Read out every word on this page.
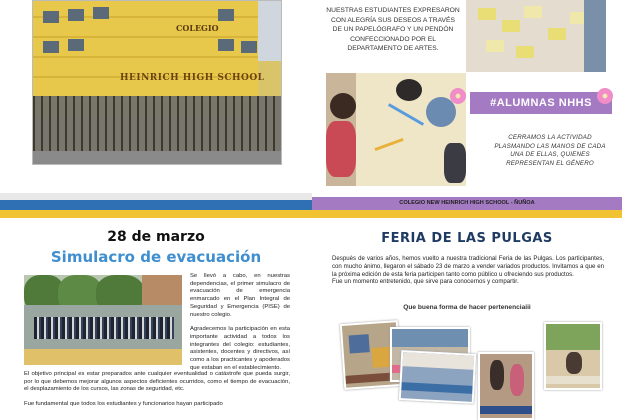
COLEGIO
HEINRICH HIGH SCHOOL
NUESTRAS ESTUDIANTES EXPRESARON CON ALEGRÍA SUS DESEOS A TRAVÉS DE UN PAPELÓGRAFO Y UN PENDÓN CONFECCIONADO POR EL DEPARTAMENTO DE ARTES.
#ALUMNAS NHHS
CERRAMOS LA ACTIVIDAD PLASMANDO LAS MANOS DE CADA UNA DE ELLAS, QUIENES REPRESENTAN EL GÉNERO
COLEGIO NEW HEINRICH HIGH SCHOOL - ÑUÑOA
28 de marzo
Simulacro de evacuación

Se llevó a cabo, en nuestras dependencias, el primer simulacro de evacuación de emergencia enmarcado en el Plan Integral de Seguridad y Emergencia (PISE) de nuestro colegio.

Agradecemos la participación en esta importante actividad a todos los integrantes del colegio: estudiantes, asistentes, docentes y directivos, así como a los practicantes y apoderados que estaban en el establecimiento.

El objetivo principal es estar preparados ante cualquier eventualidad o catástrofe que pueda surgir, por lo que debemos mejorar algunos aspectos deficientes ocurridos, como el tiempo de evacuación, el desplazamiento de los cursos, las zonas de seguridad, etc.

Fue fundamental que todos los estudiantes y funcionarios hayan participado

FERIA DE LAS PULGAS
Después de varios años, hemos vuelto a nuestra tradicional Feria de las Pulgas. Los participantes, con mucho ánimo, llegaron el sábado 23 de marzo a vender variados productos. Invitamos a que en la próxima edición de esta feria participen tanto como público u ofreciendo sus productos.
Fue un momento entretenido, que sirve para conocernos y compartir.
Que buena forma de hacer pertenenciaiii
